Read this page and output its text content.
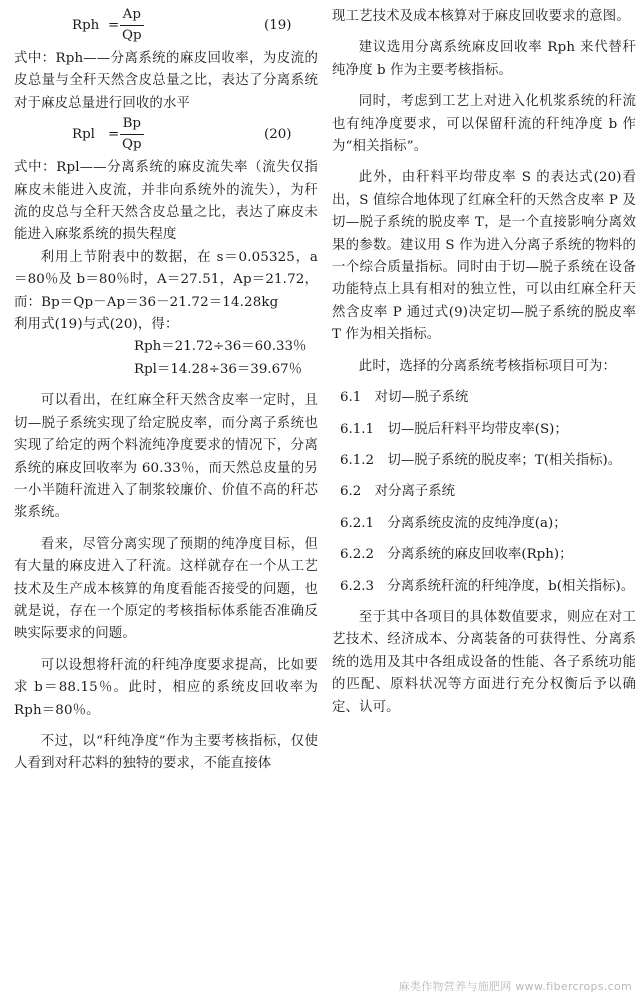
Rph =
Ap
Qp
(19)

式中：Rph——分离系统的麻皮回收率，为皮流的皮总量与全秆天然含皮总量之比，表达了分离系统对于麻皮总量进行回收的水平

Rpl =
Bp
Qp
(20)

式中：Rpl——分离系统的麻皮流失率（流失仅指麻皮未能进入皮流，并非向系统外的流失），为秆流的皮总与全秆天然含皮总量之比，表达了麻皮未能进入麻浆系统的损失程度

利用上节附表中的数据，在 s＝0.05325，a＝80％及 b＝80％时，A＝27.51，Ap＝21.72，而：Bp＝Qp－Ap＝36－21.72＝14.28kg

利用式(19)与式(20)，得：

Rph＝21.72÷36＝60.33％

Rpl＝14.28÷36＝39.67％

可以看出，在红麻全秆天然含皮率一定时，且切—脱子系统实现了给定脱皮率，而分离子系统也实现了给定的两个料流纯净度要求的情况下，分离系统的麻皮回收率为 60.33％，而天然总皮量的另一小半随秆流进入了制浆较廉价、价值不高的秆芯浆系统。

看来，尽管分离实现了预期的纯净度目标，但有大量的麻皮进入了秆流。这样就存在一个从工艺技术及生产成本核算的角度看能否接受的问题，也就是说，存在一个原定的考核指标体系能否准确反映实际要求的问题。

可以设想将秆流的秆纯净度要求提高，比如要求 b＝88.15％。此时，相应的系统皮回收率为 Rph＝80％。

不过，以“秆纯净度”作为主要考核指标，仅使人看到对秆芯料的独特的要求，不能直接体

现工艺技术及成本核算对于麻皮回收要求的意图。

建议选用分离系统麻皮回收率 Rph 来代替秆纯净度 b 作为主要考核指标。

同时，考虑到工艺上对进入化机浆系统的秆流也有纯净度要求，可以保留秆流的秆纯净度 b 作为“相关指标”。

此外，由秆料平均带皮率 S 的表达式(20)看出，S 值综合地体现了红麻全秆的天然含皮率 P 及切—脱子系统的脱皮率 T，是一个直接影响分离效果的参数。建议用 S 作为进入分离子系统的物料的一个综合质量指标。同时由于切—脱子系统在设备功能特点上具有相对的独立性，可以由红麻全秆天然含皮率 P 通过式(9)决定切—脱子系统的脱皮率 T 作为相关指标。

此时，选择的分离系统考核指标项目可为：

6.1　对切—脱子系统

6.1.1　切—脱后秆料平均带皮率(S)；

6.1.2　切—脱子系统的脱皮率；T(相关指标)。

6.2　对分离子系统

6.2.1　分离系统皮流的皮纯净度(a)；

6.2.2　分离系统的麻皮回收率(Rph)；

6.2.3　分离系统秆流的秆纯净度，b(相关指标)。

至于其中各项目的具体数值要求，则应在对工艺技术、经济成本、分离装备的可获得性、分离系统的选用及其中各组成设备的性能、各子系统功能的匹配、原料状况等方面进行充分权衡后予以确定、认可。

麻类作物营养与施肥网 www.fibercrops.com
